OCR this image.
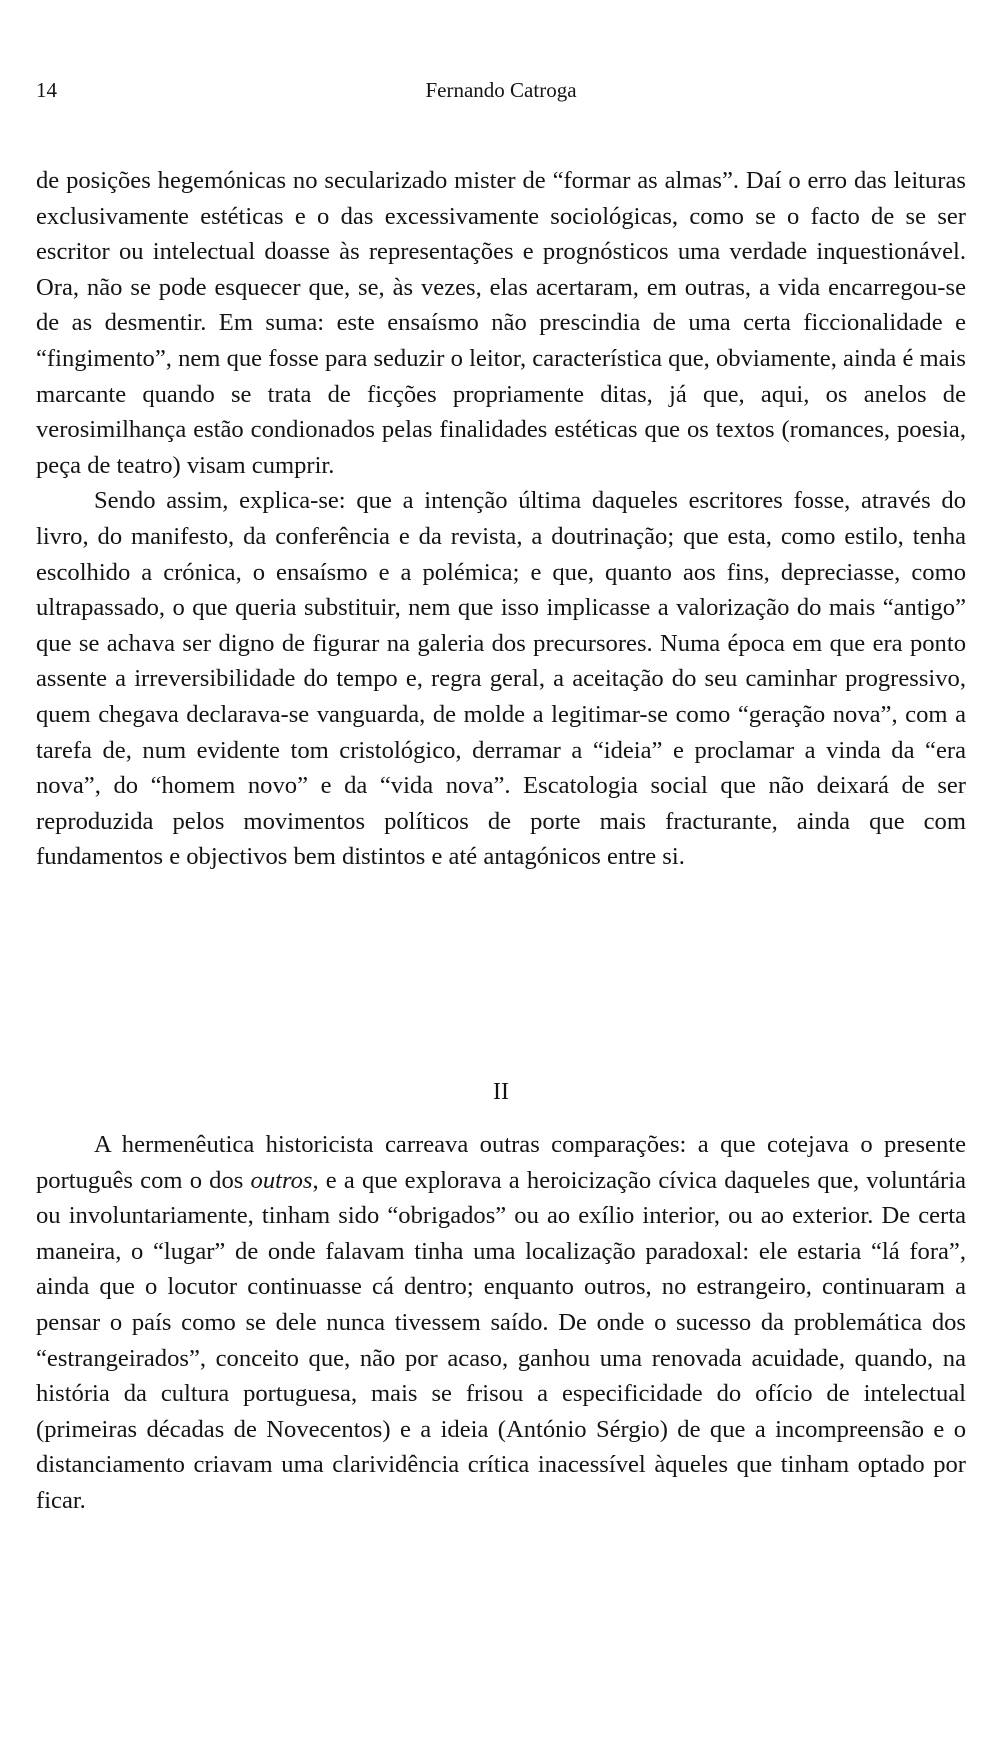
14	Fernando Catroga

de posições hegemónicas no secularizado mister de “formar as almas”. Daí o erro das leituras exclusivamente estéticas e o das excessivamente sociológicas, como se o facto de se ser escritor ou intelectual doasse às representações e prognósticos uma verdade inquestionável. Ora, não se pode esquecer que, se, às vezes, elas acertaram, em outras, a vida encarregou-se de as desmentir. Em suma: este ensaísmo não prescindia de uma certa ficcionalidade e “fingimento”, nem que fosse para seduzir o leitor, característica que, obviamente, ainda é mais marcante quando se trata de ficções propriamente ditas, já que, aqui, os anelos de verosimilhança estão condionados pelas finalidades estéticas que os textos (romances, poesia, peça de teatro) visam cumprir.

Sendo assim, explica-se: que a intenção última daqueles escritores fosse, através do livro, do manifesto, da conferência e da revista, a doutrinação; que esta, como estilo, tenha escolhido a crónica, o ensaísmo e a polémica; e que, quanto aos fins, depreciasse, como ultrapassado, o que queria substituir, nem que isso implicasse a valorização do mais “antigo” que se achava ser digno de figurar na galeria dos precursores. Numa época em que era ponto assente a irreversibilidade do tempo e, regra geral, a aceitação do seu caminhar progressivo, quem chegava declarava-se vanguarda, de molde a legitimar-se como “geração nova”, com a tarefa de, num evidente tom cristológico, derramar a “ideia” e proclamar a vinda da “era nova”, do “homem novo” e da “vida nova”. Escatologia social que não deixará de ser reproduzida pelos movimentos políticos de porte mais fracturante, ainda que com fundamentos e objectivos bem distintos e até antagónicos entre si.

II

A hermenêutica historicista carreava outras comparações: a que cotejava o presente português com o dos outros, e a que explorava a heroicização cívica daqueles que, voluntária ou involuntariamente, tinham sido “obrigados” ou ao exílio interior, ou ao exterior. De certa maneira, o “lugar” de onde falavam tinha uma localização paradoxal: ele estaria “lá fora”, ainda que o locutor continuasse cá dentro; enquanto outros, no estrangeiro, continuaram a pensar o país como se dele nunca tivessem saído. De onde o sucesso da problemática dos “estrangeirados”, conceito que, não por acaso, ganhou uma renovada acuidade, quando, na história da cultura portuguesa, mais se frisou a especificidade do ofício de intelectual (primeiras décadas de Novecentos) e a ideia (António Sérgio) de que a incompreensão e o distanciamento criavam uma clarividência crítica inacessível àqueles que tinham optado por ficar.
